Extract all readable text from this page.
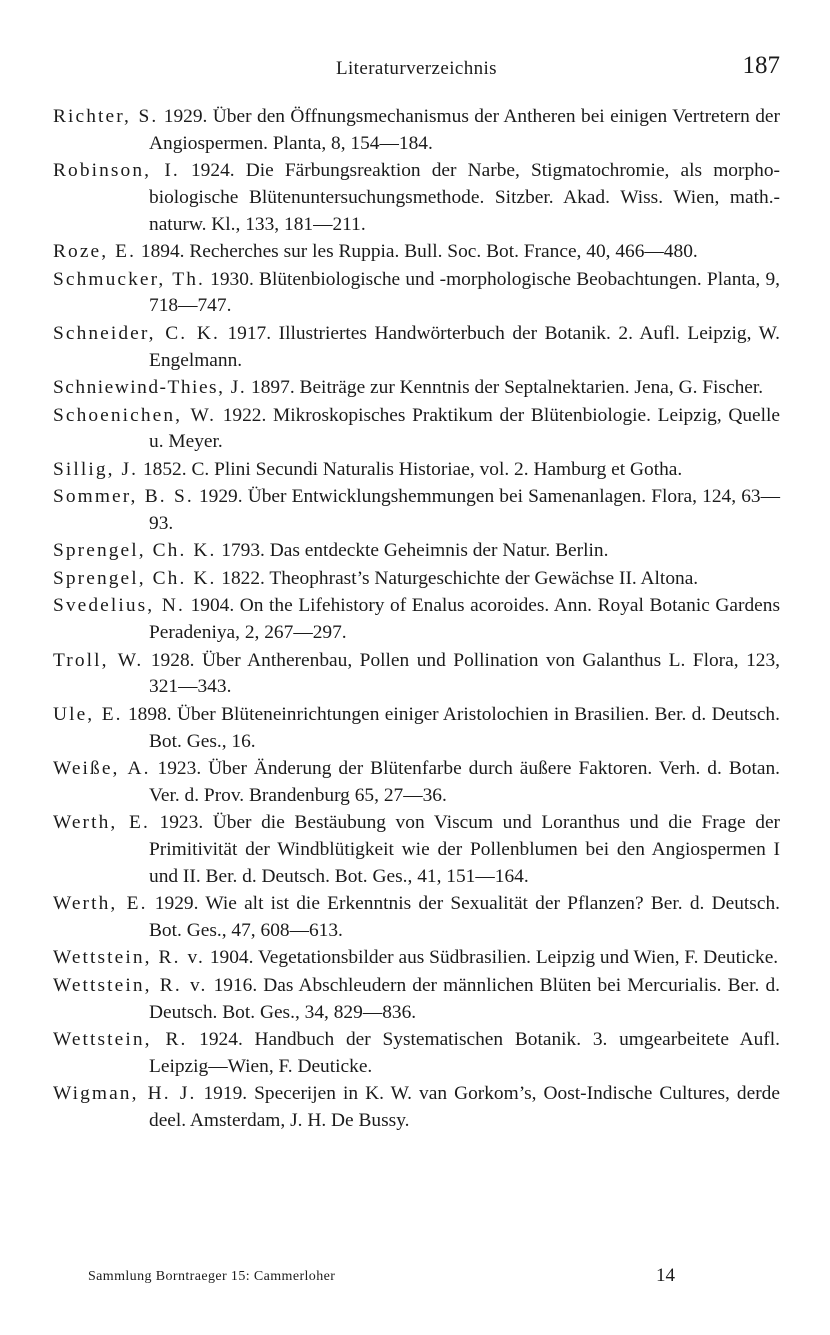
Literaturverzeichnis	187

Richter, S. 1929. Über den Öffnungsmechanismus der Antheren bei einigen Vertretern der Angiospermen. Planta, 8, 154—184.

Robinson, I. 1924. Die Färbungsreaktion der Narbe, Stigmatochromie, als morpho-biologische Blütenuntersuchungsmethode. Sitzber. Akad. Wiss. Wien, math.-naturw. Kl., 133, 181—211.

Roze, E. 1894. Recherches sur les Ruppia. Bull. Soc. Bot. France, 40, 466—480.

Schmucker, Th. 1930. Blütenbiologische und -morphologische Beobachtungen. Planta, 9, 718—747.

Schneider, C. K. 1917. Illustriertes Handwörterbuch der Botanik. 2. Aufl. Leipzig, W. Engelmann.

Schniewind-Thies, J. 1897. Beiträge zur Kenntnis der Septalnektarien. Jena, G. Fischer.

Schoenichen, W. 1922. Mikroskopisches Praktikum der Blütenbiologie. Leipzig, Quelle u. Meyer.

Sillig, J. 1852. C. Plini Secundi Naturalis Historiae, vol. 2. Hamburg et Gotha.

Sommer, B. S. 1929. Über Entwicklungshemmungen bei Samenanlagen. Flora, 124, 63—93.

Sprengel, Ch. K. 1793. Das entdeckte Geheimnis der Natur. Berlin.

Sprengel, Ch. K. 1822. Theophrast’s Naturgeschichte der Gewächse II. Altona.

Svedelius, N. 1904. On the Lifehistory of Enalus acoroides. Ann. Royal Botanic Gardens Peradeniya, 2, 267—297.

Troll, W. 1928. Über Antherenbau, Pollen und Pollination von Galanthus L. Flora, 123, 321—343.

Ule, E. 1898. Über Blüteneinrichtungen einiger Aristolochien in Brasilien. Ber. d. Deutsch. Bot. Ges., 16.

Weiße, A. 1923. Über Änderung der Blütenfarbe durch äußere Faktoren. Verh. d. Botan. Ver. d. Prov. Brandenburg 65, 27—36.

Werth, E. 1923. Über die Bestäubung von Viscum und Loranthus und die Frage der Primitivität der Windblütigkeit wie der Pollenblumen bei den Angiospermen I und II. Ber. d. Deutsch. Bot. Ges., 41, 151—164.

Werth, E. 1929. Wie alt ist die Erkenntnis der Sexualität der Pflanzen? Ber. d. Deutsch. Bot. Ges., 47, 608—613.

Wettstein, R. v. 1904. Vegetationsbilder aus Südbrasilien. Leipzig und Wien, F. Deuticke.

Wettstein, R. v. 1916. Das Abschleudern der männlichen Blüten bei Mercurialis. Ber. d. Deutsch. Bot. Ges., 34, 829—836.

Wettstein, R. 1924. Handbuch der Systematischen Botanik. 3. umgearbeitete Aufl. Leipzig—Wien, F. Deuticke.

Wigman, H. J. 1919. Specerijen in K. W. van Gorkom’s, Oost-Indische Cultures, derde deel. Amsterdam, J. H. De Bussy.

Sammlung Borntraeger 15: Cammerloher	14
